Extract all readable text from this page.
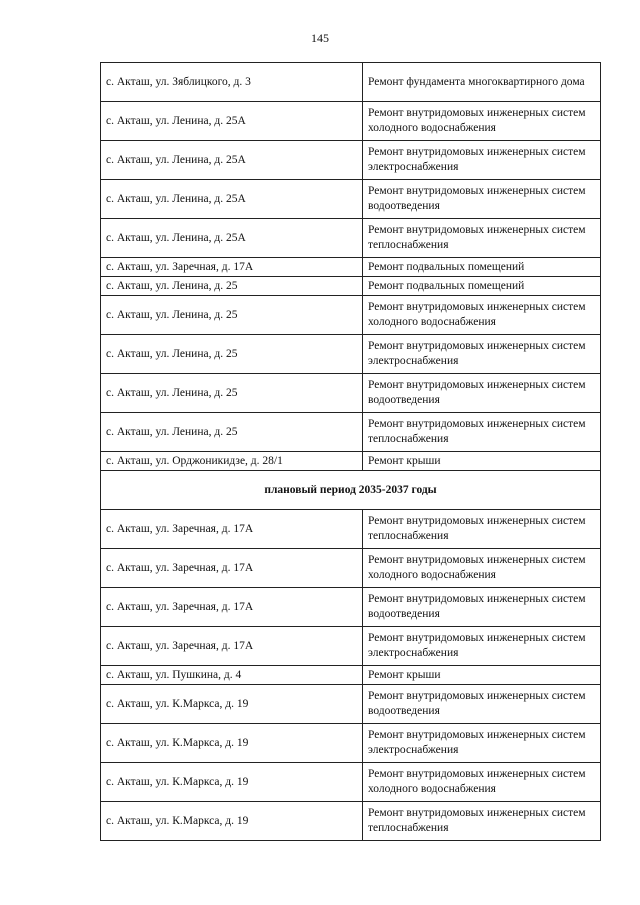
145
с. Акташ, ул. Зяблицкого, д. 3	Ремонт фундамента многоквартирного дома
с. Акташ, ул. Ленина, д. 25А	Ремонт внутридомовых инженерных систем холодного водоснабжения
с. Акташ, ул. Ленина, д. 25А	Ремонт внутридомовых инженерных систем электроснабжения
с. Акташ, ул. Ленина, д. 25А	Ремонт внутридомовых инженерных систем водоотведения
с. Акташ, ул. Ленина, д. 25А	Ремонт внутридомовых инженерных систем теплоснабжения
с. Акташ, ул. Заречная, д. 17А	Ремонт подвальных помещений
с. Акташ, ул. Ленина, д. 25	Ремонт подвальных помещений
с. Акташ, ул. Ленина, д. 25	Ремонт внутридомовых инженерных систем холодного водоснабжения
с. Акташ, ул. Ленина, д. 25	Ремонт внутридомовых инженерных систем электроснабжения
с. Акташ, ул. Ленина, д. 25	Ремонт внутридомовых инженерных систем водоотведения
с. Акташ, ул. Ленина, д. 25	Ремонт внутридомовых инженерных систем теплоснабжения
с. Акташ, ул. Орджоникидзе, д. 28/1	Ремонт крыши
плановый период 2035-2037 годы	
с. Акташ, ул. Заречная, д. 17А	Ремонт внутридомовых инженерных систем теплоснабжения
с. Акташ, ул. Заречная, д. 17А	Ремонт внутридомовых инженерных систем холодного водоснабжения
с. Акташ, ул. Заречная, д. 17А	Ремонт внутридомовых инженерных систем водоотведения
с. Акташ, ул. Заречная, д. 17А	Ремонт внутридомовых инженерных систем электроснабжения
с. Акташ, ул. Пушкина, д. 4	Ремонт крыши
с. Акташ, ул. К.Маркса, д. 19	Ремонт внутридомовых инженерных систем водоотведения
с. Акташ, ул. К.Маркса, д. 19	Ремонт внутридомовых инженерных систем электроснабжения
с. Акташ, ул. К.Маркса, д. 19	Ремонт внутридомовых инженерных систем холодного водоснабжения
с. Акташ, ул. К.Маркса, д. 19	Ремонт внутридомовых инженерных систем теплоснабжения
